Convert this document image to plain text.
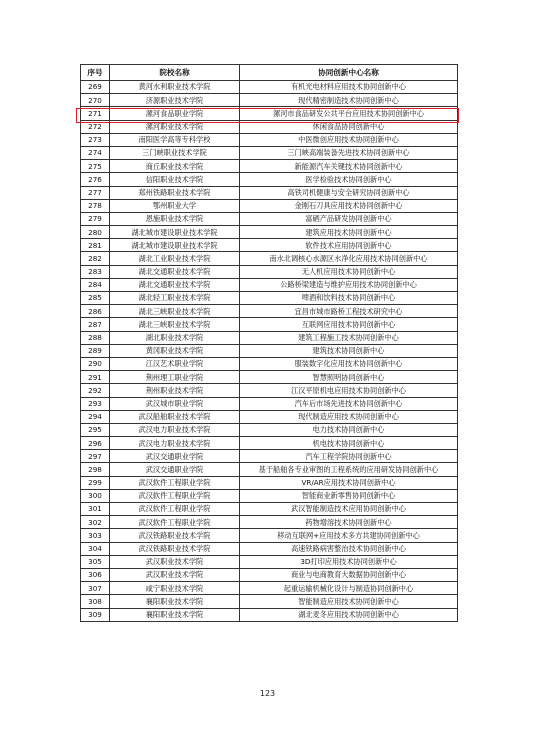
序号	院校名称	协同创新中心名称
269	黄河水利职业技术学院	有机光电材料应用技术协同创新中心
270	济源职业技术学院	现代精密制造技术协同创新中心
271	漯河食品职业学院	漯河市食品研发公共平台应用技术协同创新中心
272	漯河职业技术学院	休闲食品协同创新中心
273	南阳医学高等专科学校	中医微创应用技术协同创新中心
274	三门峡职业技术学院	三门峡高端装备先进技术协同创新中心
275	商丘职业技术学院	新能源汽车关键技术协同创新中心
276	信阳职业技术学院	医学检验技术协同创新中心
277	郑州铁路职业技术学院	高铁司机健康与安全研究协同创新中心
278	鄂州职业大学	金刚石刀具应用技术协同创新中心
279	恩施职业技术学院	富硒产品研发协同创新中心
280	湖北城市建设职业技术学院	建筑应用技术协同创新中心
281	湖北城市建设职业技术学院	软件技术应用协同创新中心
282	湖北工业职业技术学院	南水北调核心水源区水净化应用技术协同创新中心
283	湖北交通职业技术学院	无人机应用技术协同创新中心
284	湖北交通职业技术学院	公路桥梁建造与维护应用技术协同创新中心
285	湖北轻工职业技术学院	啤酒和饮料技术协同创新中心
286	湖北三峡职业技术学院	宜昌市城市路桥工程技术研究中心
287	湖北三峡职业技术学院	互联网应用技术协同创新中心
288	湖北职业技术学院	建筑工程施工技术协同创新中心
289	黄冈职业技术学院	建筑技术协同创新中心
290	江汉艺术职业学院	服装数字化应用技术协同创新中心
291	荆州理工职业学院	智慧照明协同创新中心
292	荆州职业技术学院	江汉平原机电应用技术协同创新中心
293	武汉城市职业学院	汽车后市场先进技术协同创新中心
294	武汉船舶职业技术学院	现代制造应用技术协同创新中心
295	武汉电力职业技术学院	电力技术协同创新中心
296	武汉电力职业技术学院	机电技术协同创新中心
297	武汉交通职业学院	汽车工程学院协同创新中心
298	武汉交通职业学院	基于船舶各专业审图的工程系统的应用研发协同创新中心
299	武汉软件工程职业学院	VR/AR应用技术协同创新中心
300	武汉软件工程职业学院	智能商业新零售协同创新中心
301	武汉软件工程职业学院	武汉智能制造技术应用协同创新中心
302	武汉软件工程职业学院	药物增溶技术协同创新中心
303	武汉铁路职业技术学院	移动互联网+应用技术多方共建协同创新中心
304	武汉铁路职业技术学院	高速铁路病害整治技术协同创新中心
305	武汉职业技术学院	3D打印应用技术协同创新中心
306	武汉职业技术学院	商业与电商教育大数据协同创新中心
307	咸宁职业技术学院	起重运输机械化设计与制造协同创新中心
308	襄阳职业技术学院	智能制造应用技术协同创新中心
309	襄阳职业技术学院	湖北麦冬应用技术协同创新中心
123
